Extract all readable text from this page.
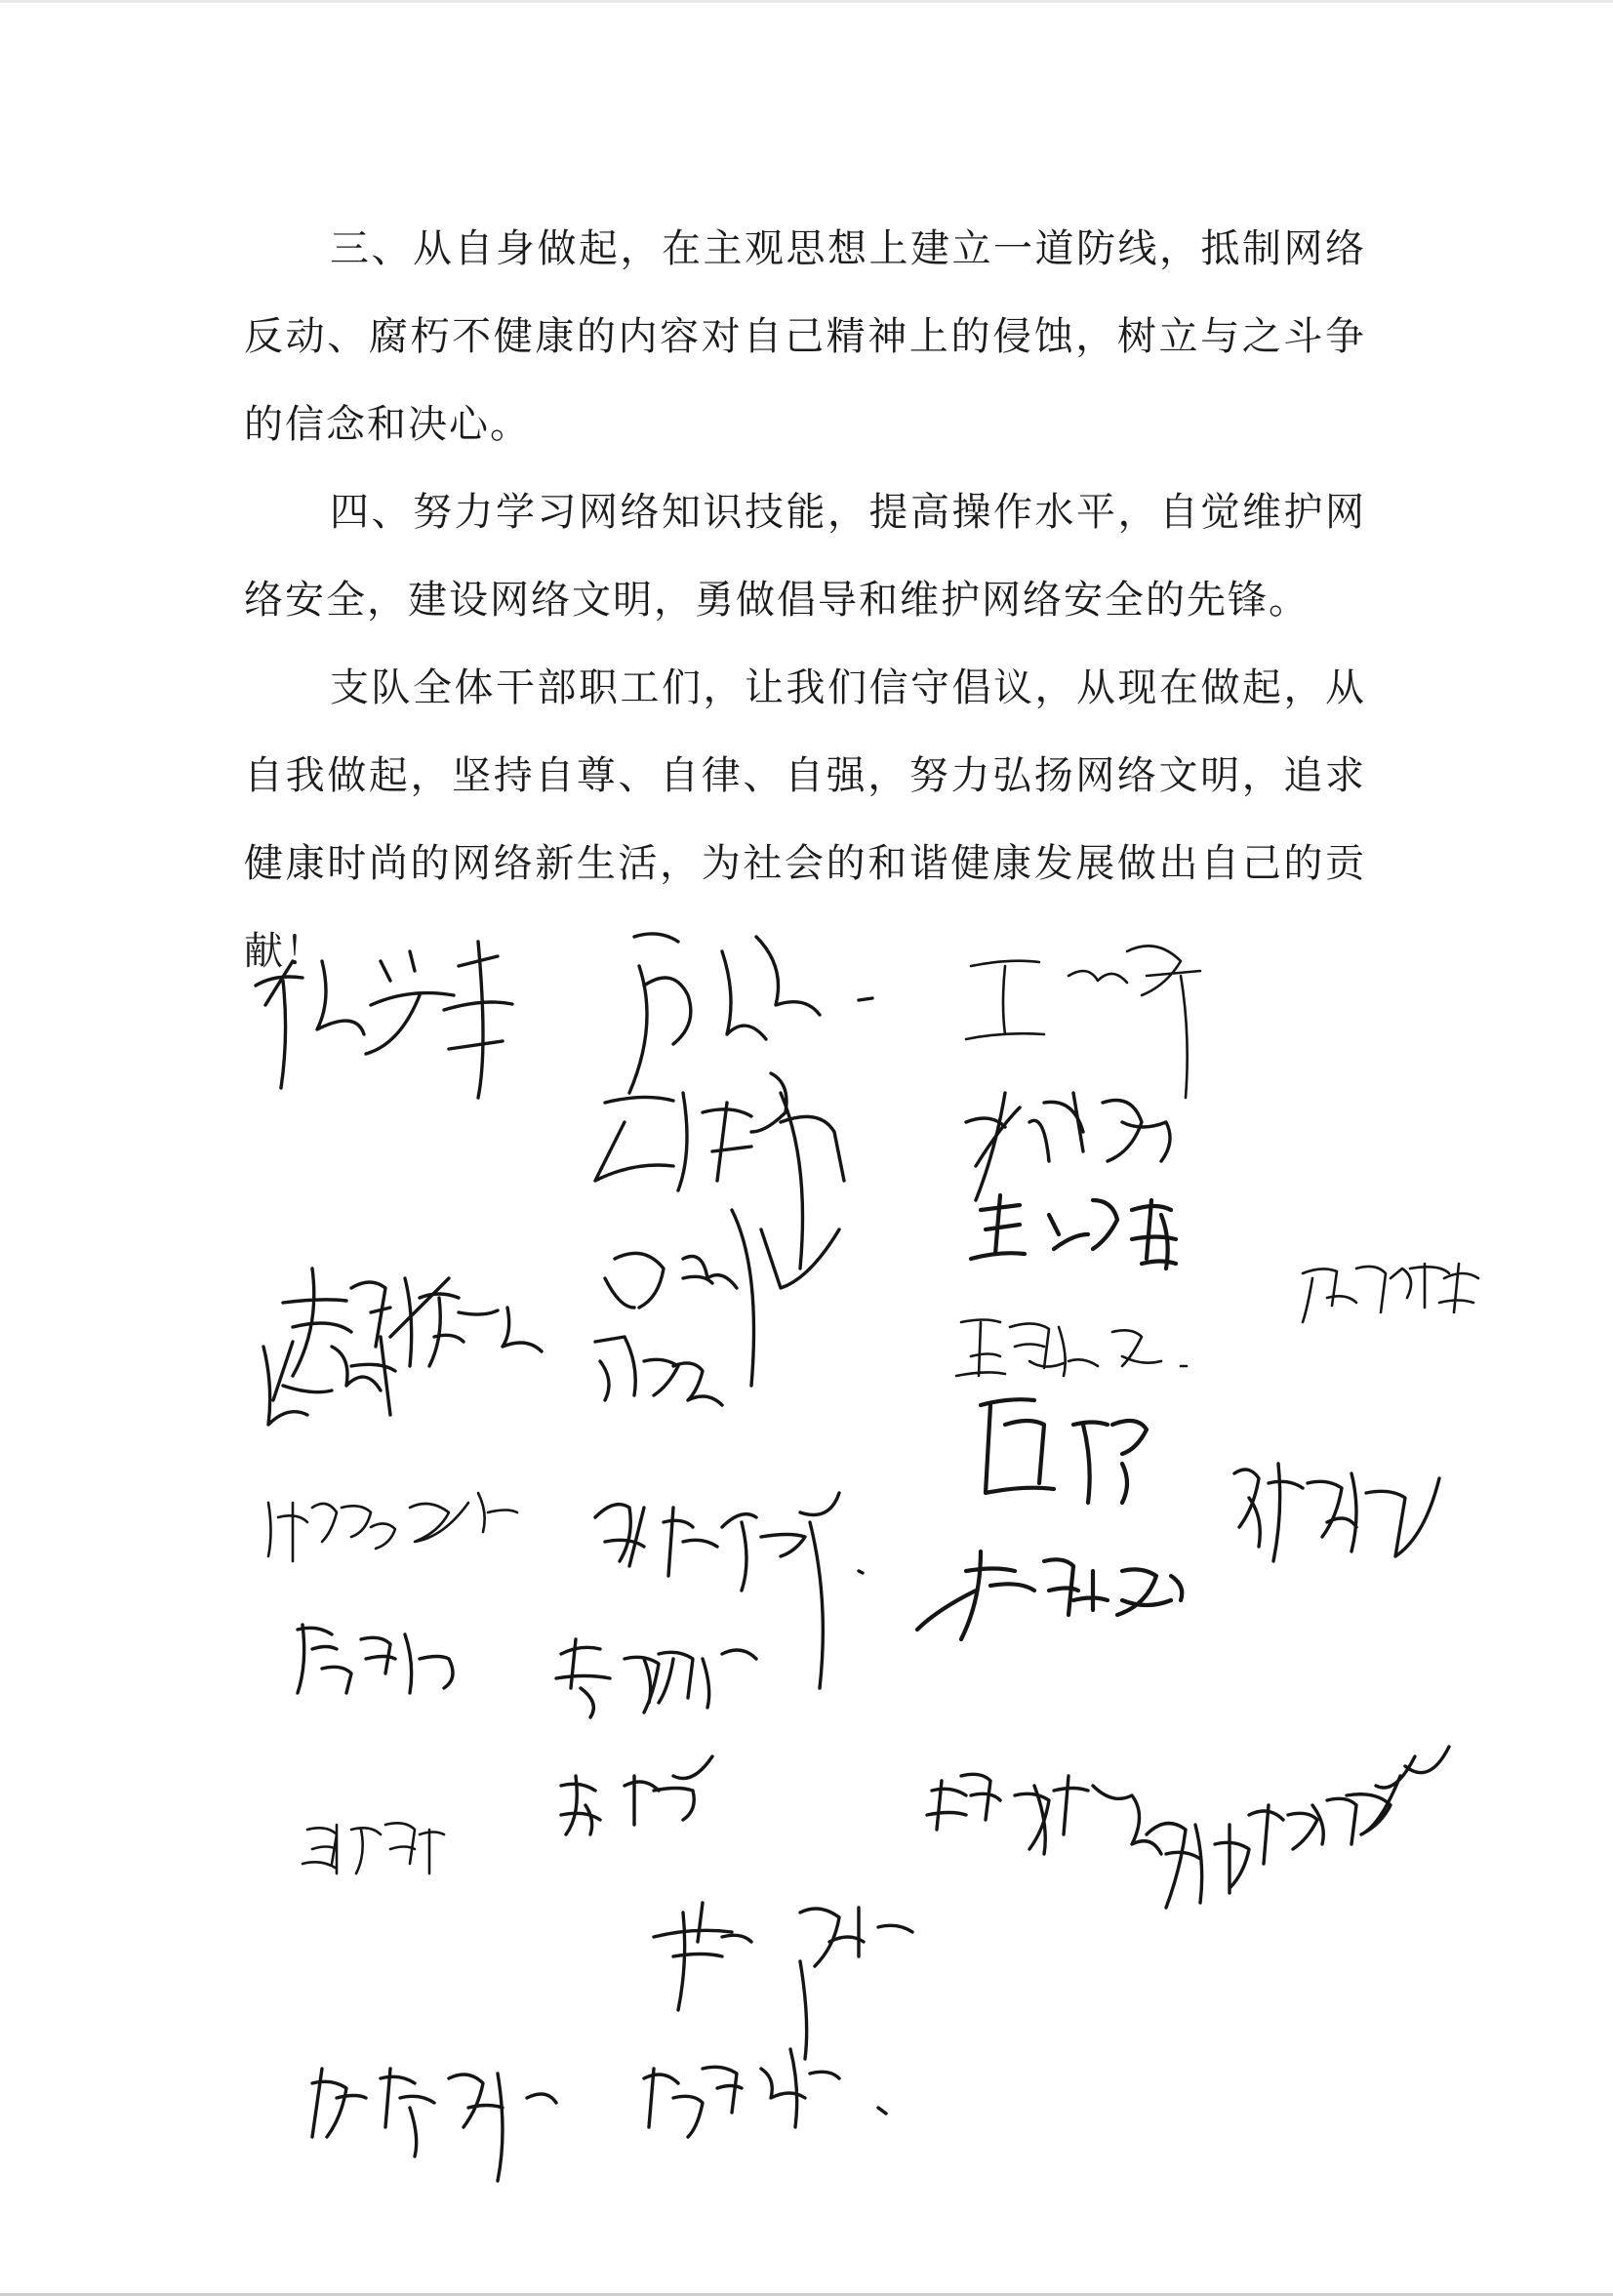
三、从自身做起，在主观思想上建立一道防线，抵制网络反动、腐朽不健康的内容对自己精神上的侵蚀，树立与之斗争的信念和决心。

四、努力学习网络知识技能，提高操作水平，自觉维护网络安全，建设网络文明，勇做倡导和维护网络安全的先锋。

支队全体干部职工们，让我们信守倡议，从现在做起，从自我做起，坚持自尊、自律、自强，努力弘扬网络文明，追求健康时尚的网络新生活，为社会的和谐健康发展做出自己的贡献！
